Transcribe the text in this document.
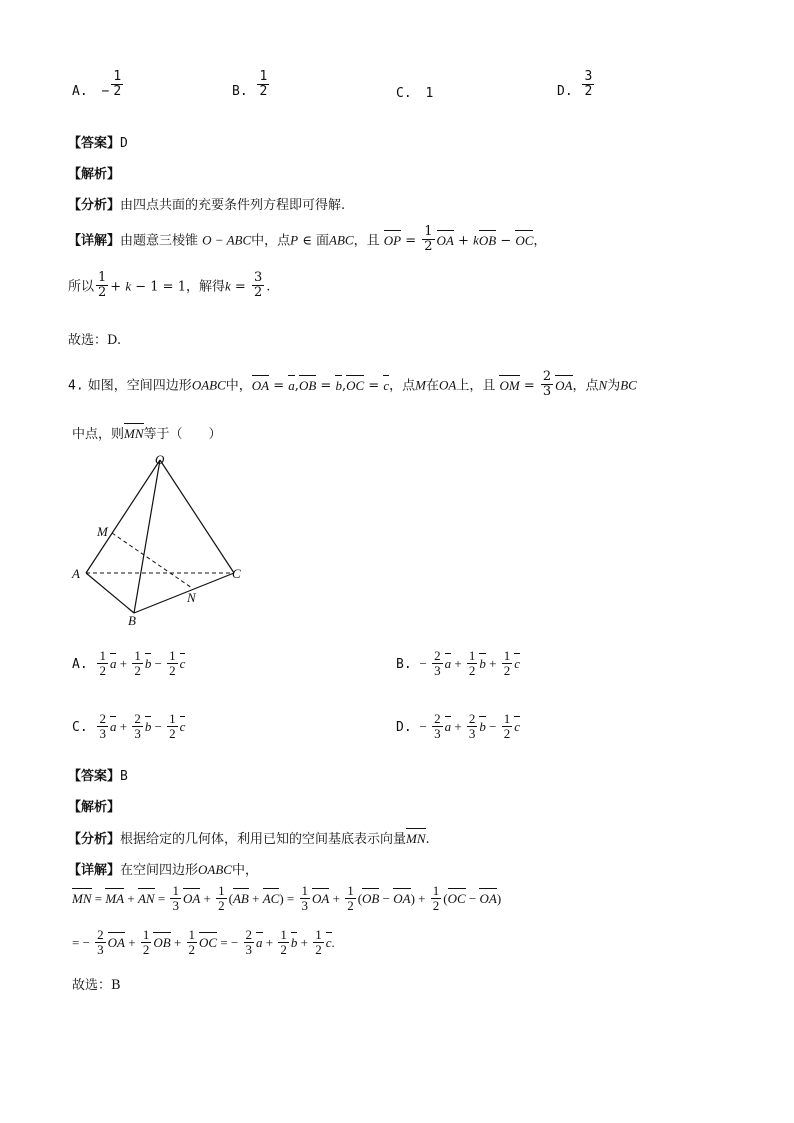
A. − $\frac{1}{2}$	B. $\frac{1}{2}$	C. 1	D. $\frac{3}{2}$
【答案】D
【解析】
【分析】由四点共面的充要条件列方程即可得解.
【详解】由题意三棱锥 O − ABC中，点P ∈ 面ABC，且 OP = $\frac{1}{2}$ OA + kOB − OC，
所以 $\frac{1}{2} + k - 1 = 1$，解得$k = \frac{3}{2}$ .
故选：D.
4. 如图，空间四边形OABC中，OA = a,OB = b,OC = c，点M在OA上，且 OM = $\frac{2}{3}$ OA，点N为BC
中点，则MN等于（　　）
O
M
A	C
N
B
A. $\frac{1}{2}$ $a + \frac{1}{2}$ $b - \frac{1}{2}$ c	B. − $\frac{2}{3}$ $a + \frac{1}{2}$ $b + \frac{1}{2}$ c
C. $\frac{2}{3}$ $a + \frac{2}{3}$ $b - \frac{1}{2}$ c	D. − $\frac{2}{3}$ $a + \frac{2}{3}$ $b - \frac{1}{2}$ c
【答案】B
【解析】
【分析】根据给定的几何体，利用已知的空间基底表示向量MN.
【详解】在空间四边形OABC中，
MN = MA + AN = $\frac{1}{3}$ OA + $\frac{1}{2} (AB + AC) = \frac{1}{3}$ OA + $\frac{1}{2} (OB - OA) + \frac{1}{2} (OC - OA)$
= − $\frac{2}{3}$ OA + $\frac{1}{2}$ OB + $\frac{1}{2}$ OC = − $\frac{2}{3}$ $a + \frac{1}{2}$ $b + \frac{1}{2} c$.
故选：B
